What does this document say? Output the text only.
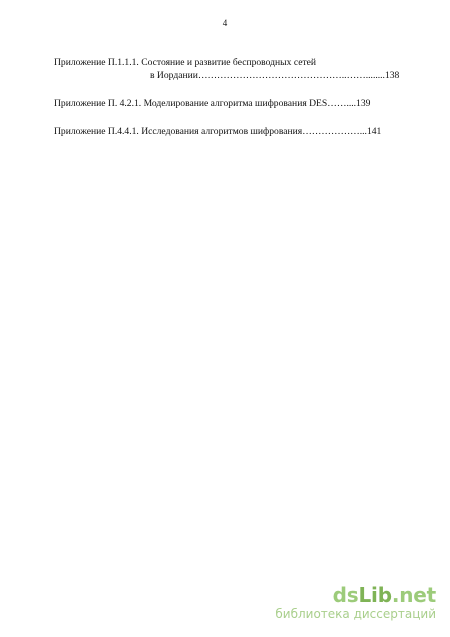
4
Приложение П.1.1.1. Состояние и развитие беспроводных сетей
в Иордании………………………………………..……........138
Приложение П. 4.2.1. Моделирование алгоритма шифрования DES……....139
Приложение П.4.4.1. Исследования алгоритмов шифрования………………...141
dsLib.net
библиотека диссертаций
